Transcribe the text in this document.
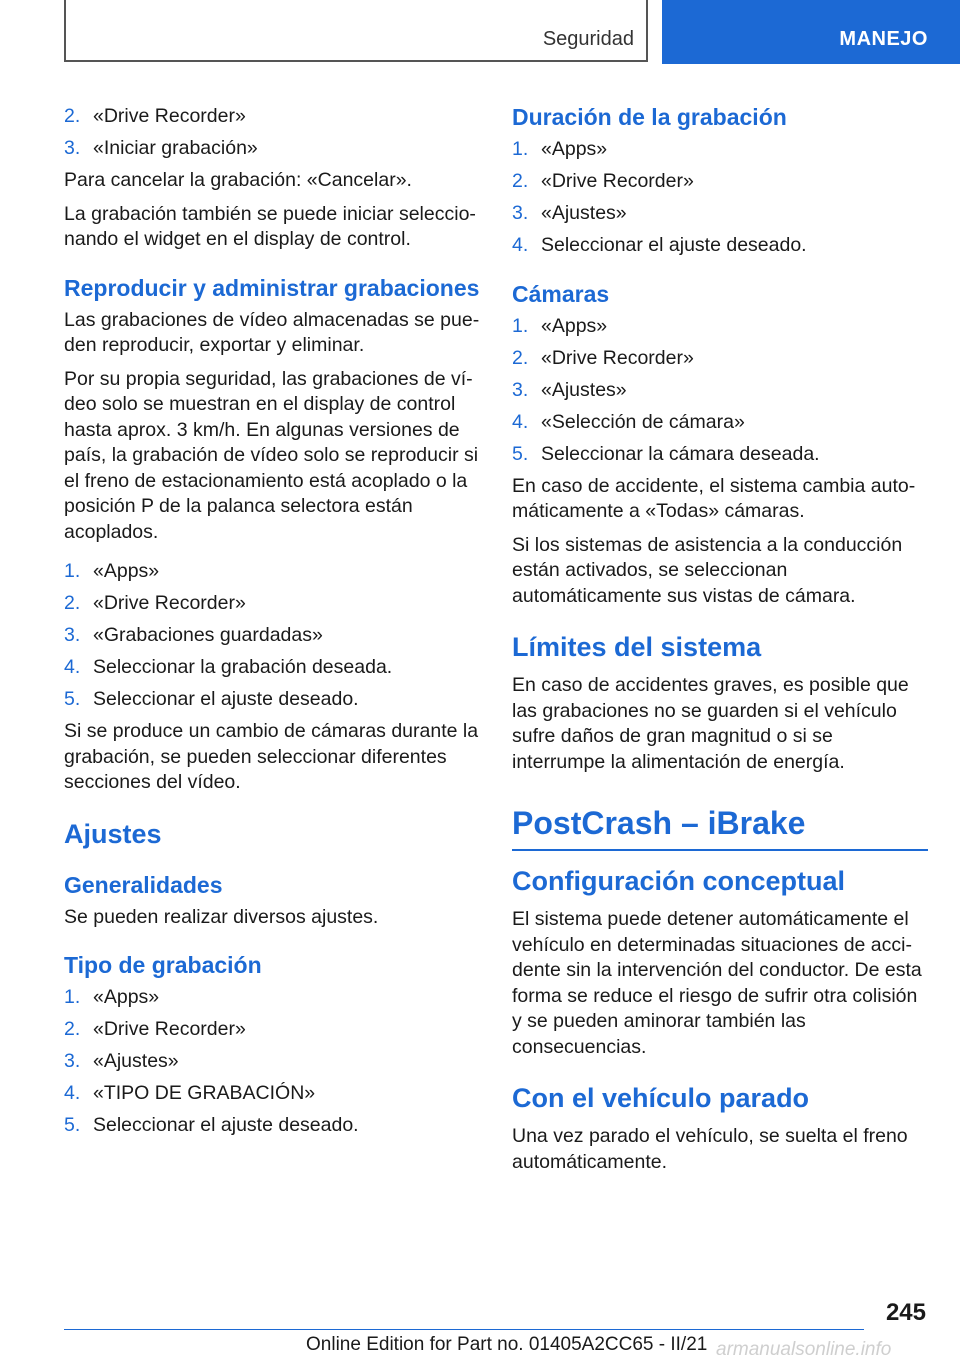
Seguridad	MANEJO
2. «Drive Recorder»
3. «Iniciar grabación»

Para cancelar la grabación: «Cancelar».

La grabación también se puede iniciar seleccionando el widget en el display de control.

Reproducir y administrar grabaciones

Las grabaciones de vídeo almacenadas se pueden reproducir, exportar y eliminar.

Por su propia seguridad, las grabaciones de vídeo solo se muestran en el display de control hasta aprox. 3 km/h. En algunas versiones de país, la grabación de vídeo solo se reproducir si el freno de estacionamiento está acoplado o la posición P de la palanca selectora están acoplados.

1. «Apps»
2. «Drive Recorder»
3. «Grabaciones guardadas»
4. Seleccionar la grabación deseada.
5. Seleccionar el ajuste deseado.

Si se produce un cambio de cámaras durante la grabación, se pueden seleccionar diferentes secciones del vídeo.

Ajustes
Generalidades

Se pueden realizar diversos ajustes.

Tipo de grabación
1. «Apps»
2. «Drive Recorder»
3. «Ajustes»
4. «TIPO DE GRABACIÓN»
5. Seleccionar el ajuste deseado.
Duración de la grabación
1. «Apps»
2. «Drive Recorder»
3. «Ajustes»
4. Seleccionar el ajuste deseado.
Cámaras
1. «Apps»
2. «Drive Recorder»
3. «Ajustes»
4. «Selección de cámara»
5. Seleccionar la cámara deseada.

En caso de accidente, el sistema cambia automáticamente a «Todas» cámaras.

Si los sistemas de asistencia a la conducción están activados, se seleccionan automáticamente sus vistas de cámara.

Límites del sistema

En caso de accidentes graves, es posible que las grabaciones no se guarden si el vehículo sufre daños de gran magnitud o si se interrumpe la alimentación de energía.

PostCrash – iBrake
Configuración conceptual

El sistema puede detener automáticamente el vehículo en determinadas situaciones de accidente sin la intervención del conductor. De esta forma se reduce el riesgo de sufrir otra colisión y se pueden aminorar también las consecuencias.

Con el vehículo parado

Una vez parado el vehículo, se suelta el freno automáticamente.

245
Online Edition for Part no. 01405A2CC65 - II/21 armanualsonline.info
